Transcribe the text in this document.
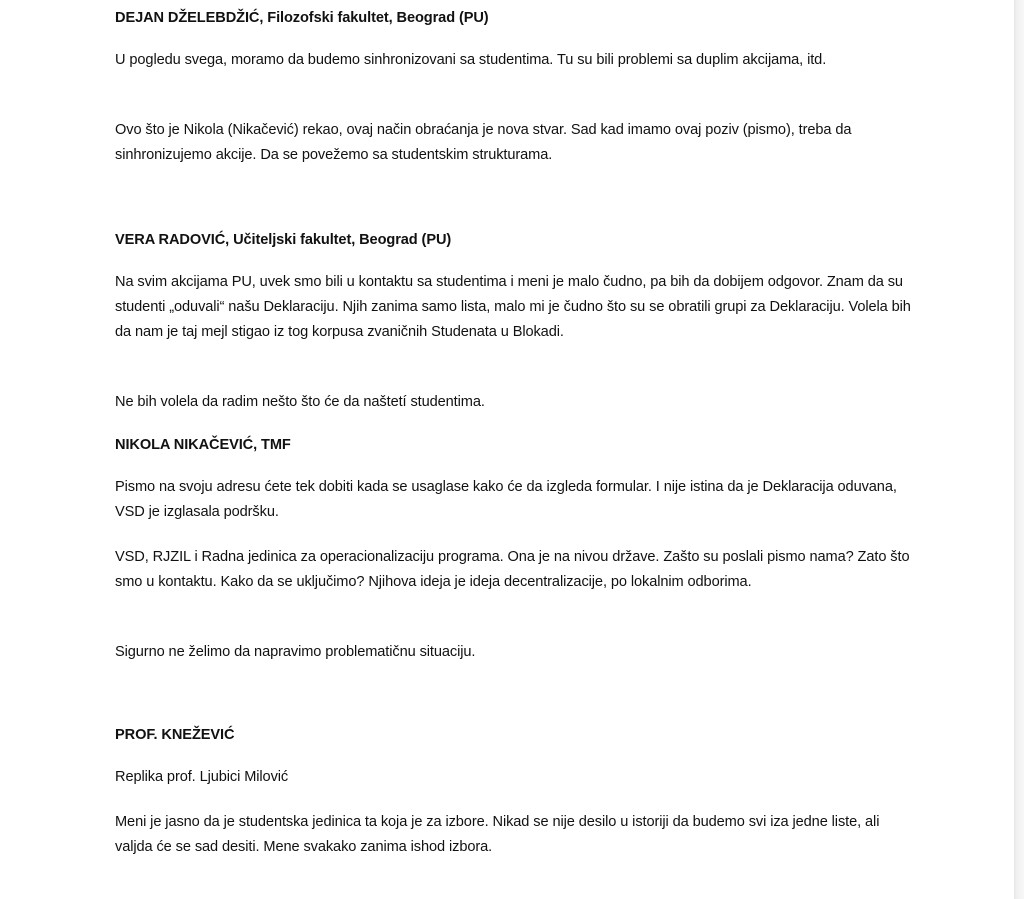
DEJAN DŽELEBDŽIĆ, Filozofski fakultet, Beograd (PU)

U pogledu svega, moramo da budemo sinhronizovani sa studentima. Tu su bili problemi sa duplim akcijama, itd.

Ovo što je Nikola (Nikačević) rekao, ovaj način obraćanja je nova stvar. Sad kad imamo ovaj poziv (pismo), treba da sinhronizujemo akcije. Da se povežemo sa studentskim strukturama.

VERA RADOVIĆ, Učiteljski fakultet, Beograd (PU)

Na svim akcijama PU, uvek smo bili u kontaktu sa studentima i meni je malo čudno, pa bih da dobijem odgovor. Znam da su studenti „oduvali“ našu Deklaraciju. Njih zanima samo lista, malo mi je čudno što su se obratili grupi za Deklaraciju. Volela bih da nam je taj mejl stigao iz tog korpusa zvaničnih Studenata u Blokadi.

Ne bih volela da radim nešto što će da naštetí studentima.

NIKOLA NIKAČEVIĆ, TMF

Pismo na svoju adresu ćete tek dobiti kada se usaglase kako će da izgleda formular. I nije istina da je Deklaracija oduvana, VSD je izglasala podršku.

VSD, RJZIL i Radna jedinica za operacionalizaciju programa. Ona je na nivou države. Zašto su poslali pismo nama? Zato što smo u kontaktu. Kako da se uključimo? Njihova ideja je ideja decentralizacije, po lokalnim odborima.

Sigurno ne želimo da napravimo problematičnu situaciju.

PROF. KNEŽEVIĆ

Replika prof. Ljubici Milović

Meni je jasno da je studentska jedinica ta koja je za izbore. Nikad se nije desilo u istoriji da budemo svi iza jedne liste, ali valjda će se sad desiti. Mene svakako zanima ishod izbora.
